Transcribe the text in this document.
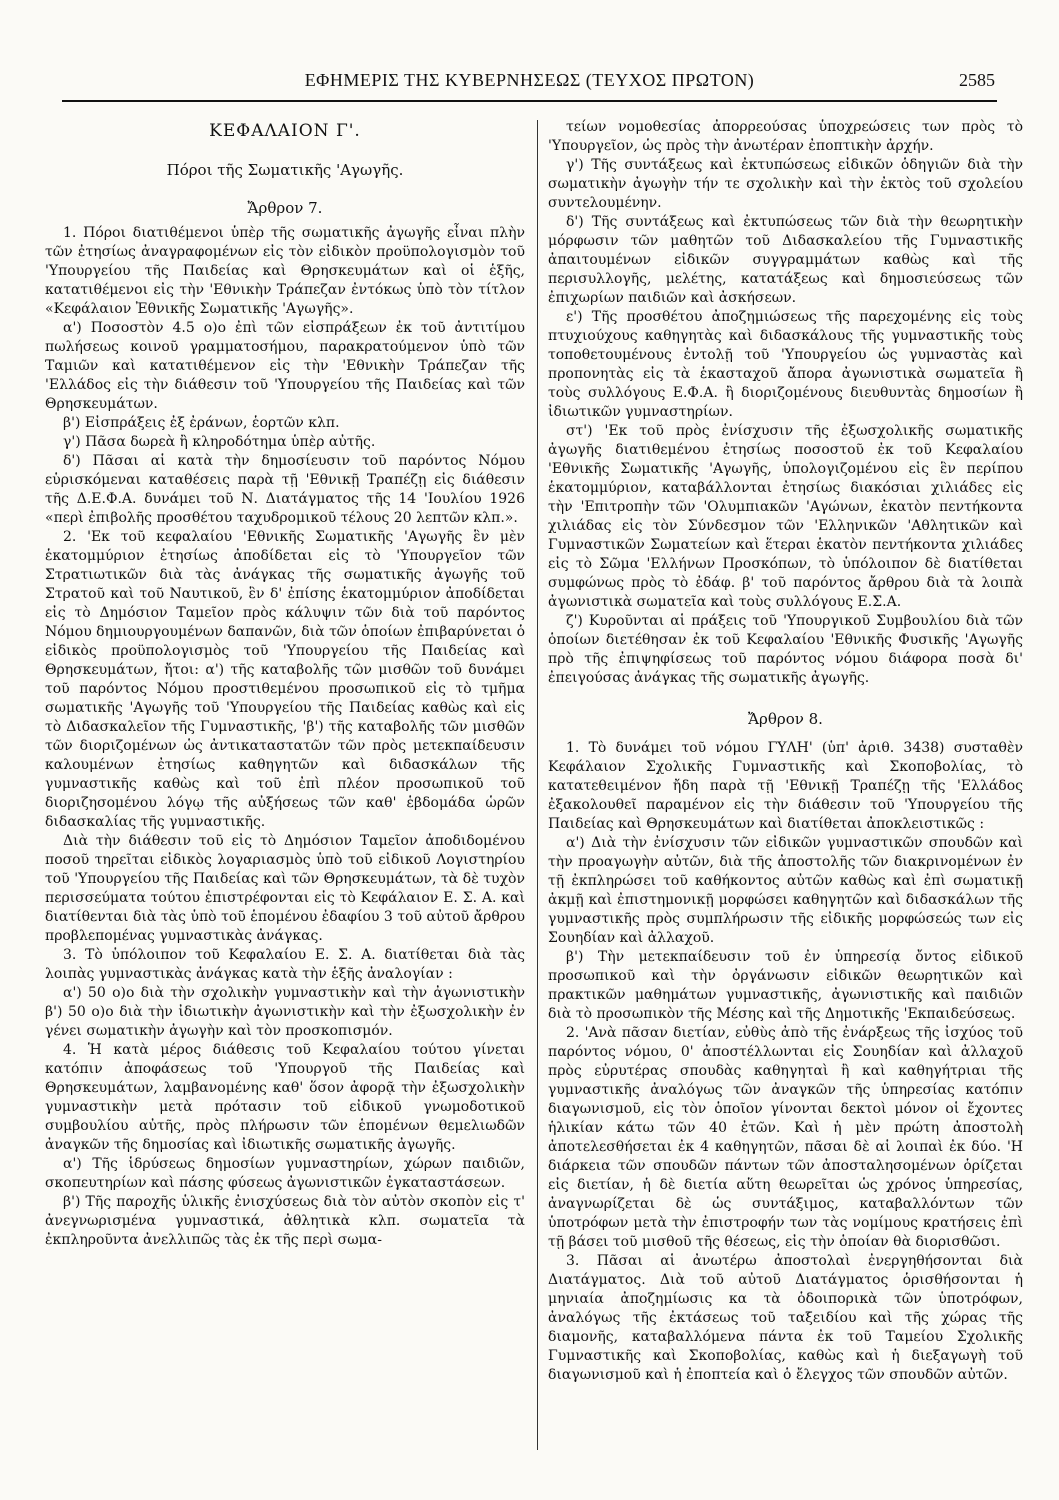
ΕΦΗΜΕΡΙΣ ΤΗΣ ΚΥΒΕΡΝΗΣΕΩΣ (ΤΕΥΧΟΣ ΠΡΩΤΟΝ)	2585

ΚΕΦΑΛΑΙΟΝ Γ'.

Πόροι τῆς Σωματικῆς 'Αγωγῆς.

Ἄρθρον 7.

1. Πόροι διατιθέμενοι ὑπὲρ τῆς σωματικῆς ἀγωγῆς εἶναι πλὴν τῶν ἐτησίως ἀναγραφομένων εἰς τὸν εἰδικὸν προϋπολογισμὸν τοῦ 'Υπουργείου τῆς Παιδείας καὶ Θρησκευμάτων καὶ οἱ ἑξῆς, κατατιθέμενοι εἰς τὴν 'Εθνικὴν Τράπεζαν ἐντόκως ὑπὸ τὸν τίτλον «Κεφάλαιον Ἐθνικῆς Σωματικῆς 'Αγωγῆς».

α') Ποσοστὸν 4.5 ο)ο ἐπὶ τῶν εἰσπράξεων ἐκ τοῦ ἀντιτίμου πωλήσεως κοινοῦ γραμματοσήμου, παρακρατούμενον ὑπὸ τῶν Ταμιῶν καὶ κατατιθέμενον εἰς τὴν 'Εθνικὴν Τράπεζαν τῆς 'Ελλάδος εἰς τὴν διάθεσιν τοῦ 'Υπουργείου τῆς Παιδείας καὶ τῶν Θρησκευμάτων.

β') Εἰσπράξεις ἐξ ἐράνων, ἑορτῶν κλπ.

γ') Πᾶσα δωρεὰ ἢ κληροδότημα ὑπὲρ αὐτῆς.

δ') Πᾶσαι αἱ κατὰ τὴν δημοσίευσιν τοῦ παρόντος Νόμου εὑρισκόμεναι καταθέσεις παρὰ τῇ 'Εθνικῇ Τραπέζῃ εἰς διάθεσιν τῆς Δ.Ε.Φ.Α. δυνάμει τοῦ Ν. Διατάγματος τῆς 14 'Ιουλίου 1926 «περὶ ἐπιβολῆς προσθέτου ταχυδρομικοῦ τέλους 20 λεπτῶν κλπ.».

2. 'Εκ τοῦ κεφαλαίου 'Εθνικῆς Σωματικῆς 'Αγωγῆς ἓν μὲν ἑκατομμύριον ἐτησίως ἀποδίδεται εἰς τὸ 'Υπουργεῖον τῶν Στρατιωτικῶν διὰ τὰς ἀνάγκας τῆς σωματικῆς ἀγωγῆς τοῦ Στρατοῦ καὶ τοῦ Ναυτικοῦ, ἓν δ' ἐπίσης ἑκατομμύριον ἀποδίδεται εἰς τὸ Δημόσιον Ταμεῖον πρὸς κάλυψιν τῶν διὰ τοῦ παρόντος Νόμου δημιουργουμένων δαπανῶν, διὰ τῶν ὁποίων ἐπιβαρύνεται ὁ εἰδικὸς προϋπολογισμὸς τοῦ 'Υπουργείου τῆς Παιδείας καὶ Θρησκευμάτων, ἤτοι: α') τῆς καταβολῆς τῶν μισθῶν τοῦ δυνάμει τοῦ παρόντος Νόμου προστιθεμένου προσωπικοῦ εἰς τὸ τμῆμα σωματικῆς 'Αγωγῆς τοῦ 'Υπουργείου τῆς Παιδείας καθὼς καὶ εἰς τὸ Διδασκαλεῖον τῆς Γυμναστικῆς, 'β') τῆς καταβολῆς τῶν μισθῶν τῶν διοριζομένων ὡς ἀντικαταστατῶν τῶν πρὸς μετεκπαίδευσιν καλουμένων ἐτησίως καθηγητῶν καὶ διδασκάλων τῆς γυμναστικῆς καθὼς καὶ τοῦ ἐπὶ πλέον προσωπικοῦ τοῦ διοριζησομένου λόγῳ τῆς αὐξήσεως τῶν καθ' ἑβδομάδα ὡρῶν διδασκαλίας τῆς γυμναστικῆς.

Διὰ τὴν διάθεσιν τοῦ εἰς τὸ Δημόσιον Ταμεῖον ἀποδιδομένου ποσοῦ τηρεῖται εἰδικὸς λογαριασμὸς ὑπὸ τοῦ εἰδικοῦ Λογιστηρίου τοῦ 'Υπουργείου τῆς Παιδείας καὶ τῶν Θρησκευμάτων, τὰ δὲ τυχὸν περισσεύματα τούτου ἐπιστρέφονται εἰς τὸ Κεφάλαιον Ε. Σ. Α. καὶ διατίθενται διὰ τὰς ὑπὸ τοῦ ἑπομένου ἐδαφίου 3 τοῦ αὐτοῦ ἄρθρου προβλεπομένας γυμναστικὰς ἀνάγκας.

3. Τὸ ὑπόλοιπον τοῦ Κεφαλαίου Ε. Σ. Α. διατίθεται διὰ τὰς λοιπὰς γυμναστικὰς ἀνάγκας κατὰ τὴν ἑξῆς ἀναλογίαν :

α') 50 ο)ο διὰ τὴν σχολικὴν γυμναστικὴν καὶ τὴν ἀγωνιστικὴν β') 50 ο)ο διὰ τὴν ἰδιωτικὴν ἀγωνιστικὴν καὶ τὴν ἐξωσχολικὴν ἐν γένει σωματικὴν ἀγωγὴν καὶ τὸν προσκοπισμόν.

4. Ἡ κατὰ μέρος διάθεσις τοῦ Κεφαλαίου τούτου γίνεται κατόπιν ἀποφάσεως τοῦ 'Υπουργοῦ τῆς Παιδείας καὶ Θρησκευμάτων, λαμβανομένης καθ' ὅσον ἀφορᾷ τὴν ἐξωσχολικὴν γυμναστικὴν μετὰ πρότασιν τοῦ εἰδικοῦ γνωμοδοτικοῦ συμβουλίου αὐτῆς, πρὸς πλήρωσιν τῶν ἑπομένων θεμελιωδῶν ἀναγκῶν τῆς δημοσίας καὶ ἰδιωτικῆς σωματικῆς ἀγωγῆς.

α') Τῆς ἱδρύσεως δημοσίων γυμναστηρίων, χώρων παιδιῶν, σκοπευτηρίων καὶ πάσης φύσεως ἀγωνιστικῶν ἐγκαταστάσεων.

β') Τῆς παροχῆς ὑλικῆς ἐνισχύσεως διὰ τὸν αὐτὸν σκοπὸν εἰς τ' ἀνεγνωρισμένα γυμναστικά, ἀθλητικὰ κλπ. σωματεῖα τὰ ἐκπληροῦντα ἀνελλιπῶς τὰς ἐκ τῆς περὶ σωμα-

τείων νομοθεσίας ἀπορρεούσας ὑποχρεώσεις των πρὸς τὸ 'Υπουργεῖον, ὡς πρὸς τὴν ἀνωτέραν ἐποπτικὴν ἀρχήν.

γ') Τῆς συντάξεως καὶ ἐκτυπώσεως εἰδικῶν ὁδηγιῶν διὰ τὴν σωματικὴν ἀγωγὴν τήν τε σχολικὴν καὶ τὴν ἐκτὸς τοῦ σχολείου συντελουμένην.

δ') Τῆς συντάξεως καὶ ἐκτυπώσεως τῶν διὰ τὴν θεωρητικὴν μόρφωσιν τῶν μαθητῶν τοῦ Διδασκαλείου τῆς Γυμναστικῆς ἀπαιτουμένων εἰδικῶν συγγραμμάτων καθὼς καὶ τῆς περισυλλογῆς, μελέτης, κατατάξεως καὶ δημοσιεύσεως τῶν ἐπιχωρίων παιδιῶν καὶ ἀσκήσεων.

ε') Τῆς προσθέτου ἀποζημιώσεως τῆς παρεχομένης εἰς τοὺς πτυχιούχους καθηγητὰς καὶ διδασκάλους τῆς γυμναστικῆς τοὺς τοποθετουμένους ἐντολῇ τοῦ 'Υπουργείου ὡς γυμναστὰς καὶ προπονητὰς εἰς τὰ ἑκασταχοῦ ἄπορα ἀγωνιστικὰ σωματεῖα ἢ τοὺς συλλόγους Ε.Φ.Α. ἢ διοριζομένους διευθυντὰς δημοσίων ἢ ἰδιωτικῶν γυμναστηρίων.

στ') 'Εκ τοῦ πρὸς ἐνίσχυσιν τῆς ἐξωσχολικῆς σωματικῆς ἀγωγῆς διατιθεμένου ἐτησίως ποσοστοῦ ἐκ τοῦ Κεφαλαίου 'Εθνικῆς Σωματικῆς 'Αγωγῆς, ὑπολογιζομένου εἰς ἓν περίπου ἑκατομμύριον, καταβάλλονται ἐτησίως διακόσιαι χιλιάδες εἰς τὴν 'Επιτροπὴν τῶν 'Ολυμπιακῶν 'Αγώνων, ἑκατὸν πεντήκοντα χιλιάδας εἰς τὸν Σύνδεσμον τῶν 'Ελληνικῶν 'Αθλητικῶν καὶ Γυμναστικῶν Σωματείων καὶ ἕτεραι ἑκατὸν πεντήκοντα χιλιάδες εἰς τὸ Σῶμα 'Ελλήνων Προσκόπων, τὸ ὑπόλοιπον δὲ διατίθεται συμφώνως πρὸς τὸ ἐδάφ. β' τοῦ παρόντος ἄρθρου διὰ τὰ λοιπὰ ἀγωνιστικὰ σωματεῖα καὶ τοὺς συλλόγους Ε.Σ.Α.

ζ') Κυροῦνται αἱ πράξεις τοῦ 'Υπουργικοῦ Συμβουλίου διὰ τῶν ὁποίων διετέθησαν ἐκ τοῦ Κεφαλαίου 'Εθνικῆς Φυσικῆς 'Αγωγῆς πρὸ τῆς ἐπιψηφίσεως τοῦ παρόντος νόμου διάφορα ποσὰ δι' ἐπειγούσας ἀνάγκας τῆς σωματικῆς ἀγωγῆς.

Ἄρθρον 8.

1. Τὸ δυνάμει τοῦ νόμου ΓΥΛΗ' (ὑπ' ἀριθ. 3438) συσταθὲν Κεφάλαιον Σχολικῆς Γυμναστικῆς καὶ Σκοποβολίας, τὸ κατατεθειμένον ἤδη παρὰ τῇ 'Εθνικῇ Τραπέζῃ τῆς 'Ελλάδος ἐξακολουθεῖ παραμένον εἰς τὴν διάθεσιν τοῦ 'Υπουργείου τῆς Παιδείας καὶ Θρησκευμάτων καὶ διατίθεται ἀποκλειστικῶς :

α') Διὰ τὴν ἐνίσχυσιν τῶν εἰδικῶν γυμναστικῶν σπουδῶν καὶ τὴν προαγωγὴν αὐτῶν, διὰ τῆς ἀποστολῆς τῶν διακρινομένων ἐν τῇ ἐκπληρώσει τοῦ καθήκοντος αὐτῶν καθὼς καὶ ἐπὶ σωματικῇ ἀκμῇ καὶ ἐπιστημονικῇ μορφώσει καθηγητῶν καὶ διδασκάλων τῆς γυμναστικῆς πρὸς συμπλήρωσιν τῆς εἰδικῆς μορφώσεώς των εἰς Σουηδίαν καὶ ἀλλαχοῦ.

β') Τὴν μετεκπαίδευσιν τοῦ ἐν ὑπηρεσίᾳ ὄντος εἰδικοῦ προσωπικοῦ καὶ τὴν ὀργάνωσιν εἰδικῶν θεωρητικῶν καὶ πρακτικῶν μαθημάτων γυμναστικῆς, ἀγωνιστικῆς καὶ παιδιῶν διὰ τὸ προσωπικὸν τῆς Μέσης καὶ τῆς Δημοτικῆς 'Εκπαιδεύσεως.

2. 'Ανὰ πᾶσαν διετίαν, εὐθὺς ἀπὸ τῆς ἐνάρξεως τῆς ἰσχύος τοῦ παρόντος νόμου, 0' ἀποστέλλωνται εἰς Σουηδίαν καὶ ἀλλαχοῦ πρὸς εὐρυτέρας σπουδὰς καθηγηταὶ ἢ καὶ καθηγήτριαι τῆς γυμναστικῆς ἀναλόγως τῶν ἀναγκῶν τῆς ὑπηρεσίας κατόπιν διαγωνισμοῦ, εἰς τὸν ὁποῖον γίνονται δεκτοὶ μόνον οἱ ἔχοντες ἡλικίαν κάτω τῶν 40 ἐτῶν. Καὶ ἡ μὲν πρώτη ἀποστολὴ ἀποτελεσθήσεται ἐκ 4 καθηγητῶν, πᾶσαι δὲ αἱ λοιπαὶ ἐκ δύο. 'Η διάρκεια τῶν σπουδῶν πάντων τῶν ἀποσταλησομένων ὁρίζεται εἰς διετίαν, ἡ δὲ διετία αὕτη θεωρεῖται ὡς χρόνος ὑπηρεσίας, ἀναγνωρίζεται δὲ ὡς συντάξιμος, καταβαλλόντων τῶν ὑποτρόφων μετὰ τὴν ἐπιστροφήν των τὰς νομίμους κρατήσεις ἐπὶ τῇ βάσει τοῦ μισθοῦ τῆς θέσεως, εἰς τὴν ὁποίαν θὰ διορισθῶσι.

3. Πᾶσαι αἱ ἀνωτέρω ἀποστολαὶ ἐνεργηθήσονται διὰ Διατάγματος. Διὰ τοῦ αὐτοῦ Διατάγματος ὁρισθήσονται ἡ μηνιαία ἀποζημίωσις κα τὰ ὁδοιπορικὰ τῶν ὑποτρόφων, ἀναλόγως τῆς ἐκτάσεως τοῦ ταξειδίου καὶ τῆς χώρας τῆς διαμονῆς, καταβαλλόμενα πάντα ἐκ τοῦ Ταμείου Σχολικῆς Γυμναστικῆς καὶ Σκοποβολίας, καθὼς καὶ ἡ διεξαγωγὴ τοῦ διαγωνισμοῦ καὶ ἡ ἐποπτεία καὶ ὁ ἔλεγχος τῶν σπουδῶν αὐτῶν.
